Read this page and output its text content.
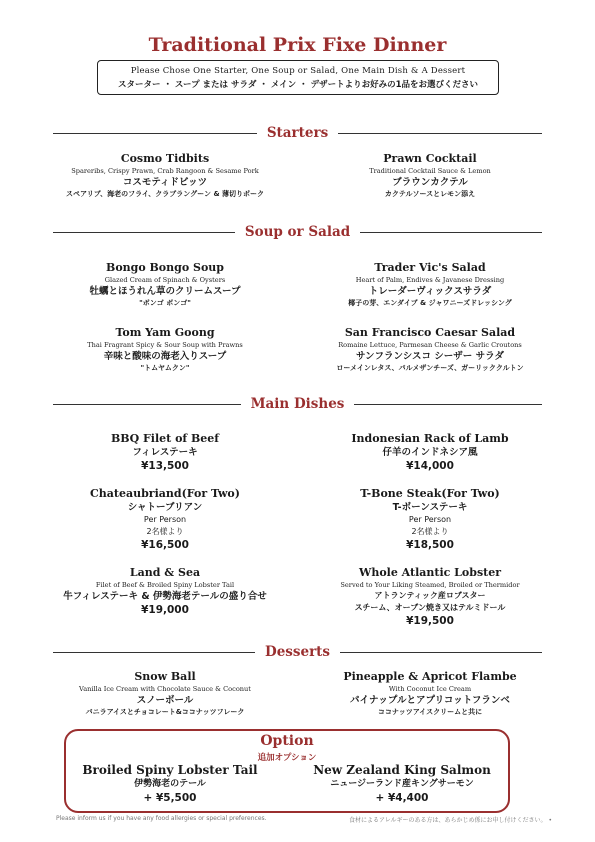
Traditional Prix Fixe Dinner
Please Chose One Starter, One Soup or Salad, One Main Dish & A Dessert
スターター ・ スープ または サラダ ・ メイン ・ デザートよりお好みの1品をお選びください
Starters
Cosmo Tidbits
Spareribs, Crispy Prawn, Crab Rangoon & Sesame Pork
コスモティドビッツ
スペアリブ、海老のフライ、クラブラングーン & 薄切りポーク
Prawn Cocktail
Traditional Cocktail Sauce & Lemon
ブラウンカクテル
カクテルソースとレモン添え
Soup or Salad
Bongo Bongo Soup
Glazed Cream of Spinach & Oysters
牡蠣とほうれん草のクリームスープ
"ボンゴ ボンゴ"
Trader Vic's Salad
Heart of Palm, Endives & Javanese Dressing
トレーダーヴィックスサラダ
椰子の芽、エンダイブ & ジャワニーズドレッシング
Tom Yam Goong
Thai Fragrant Spicy & Sour Soup with Prawns
辛味と酸味の海老入りスープ
"トムヤムクン"
San Francisco Caesar Salad
Romaine Lettuce, Parmesan Cheese & Garlic Croutons
サンフランシスコ シーザー サラダ
ローメインレタス、パルメザンチーズ、ガーリッククルトン
Main Dishes
BBQ Filet of Beef
フィレステーキ
¥13,500
Indonesian Rack of Lamb
仔羊のインドネシア風
¥14,000
Chateaubriand(For Two)
シャトーブリアン
Per Person
2名様より
¥16,500
T-Bone Steak(For Two)
T-ボーンステーキ
Per Person
2名様より
¥18,500
Land & Sea
Filet of Beef & Broiled Spiny Lobster Tail
牛フィレステーキ & 伊勢海老テールの盛り合せ
¥19,000
Whole Atlantic Lobster
Served to Your Liking Steamed, Broiled or Thermidor
アトランティック産ロブスター
スチーム、オーブン焼き又はテルミドール
¥19,500
Desserts
Snow Ball
Vanilla Ice Cream with Chocolate Sauce & Coconut
スノーボール
バニラアイスとチョコレート&ココナッツフレーク
Pineapple & Apricot Flambe
With Coconut Ice Cream
パイナップルとアプリコットフランベ
ココナッツアイスクリームと共に
Option
追加オプション
Broiled Spiny Lobster Tail
伊勢海老のテール
+ ¥5,500
New Zealand King Salmon
ニュージーランド産キングサーモン
+ ¥4,400
Please inform us if you have any food allergies or special preferences.	食材によるアレルギーのある方は、あらかじめ係にお申し付けください。 •
